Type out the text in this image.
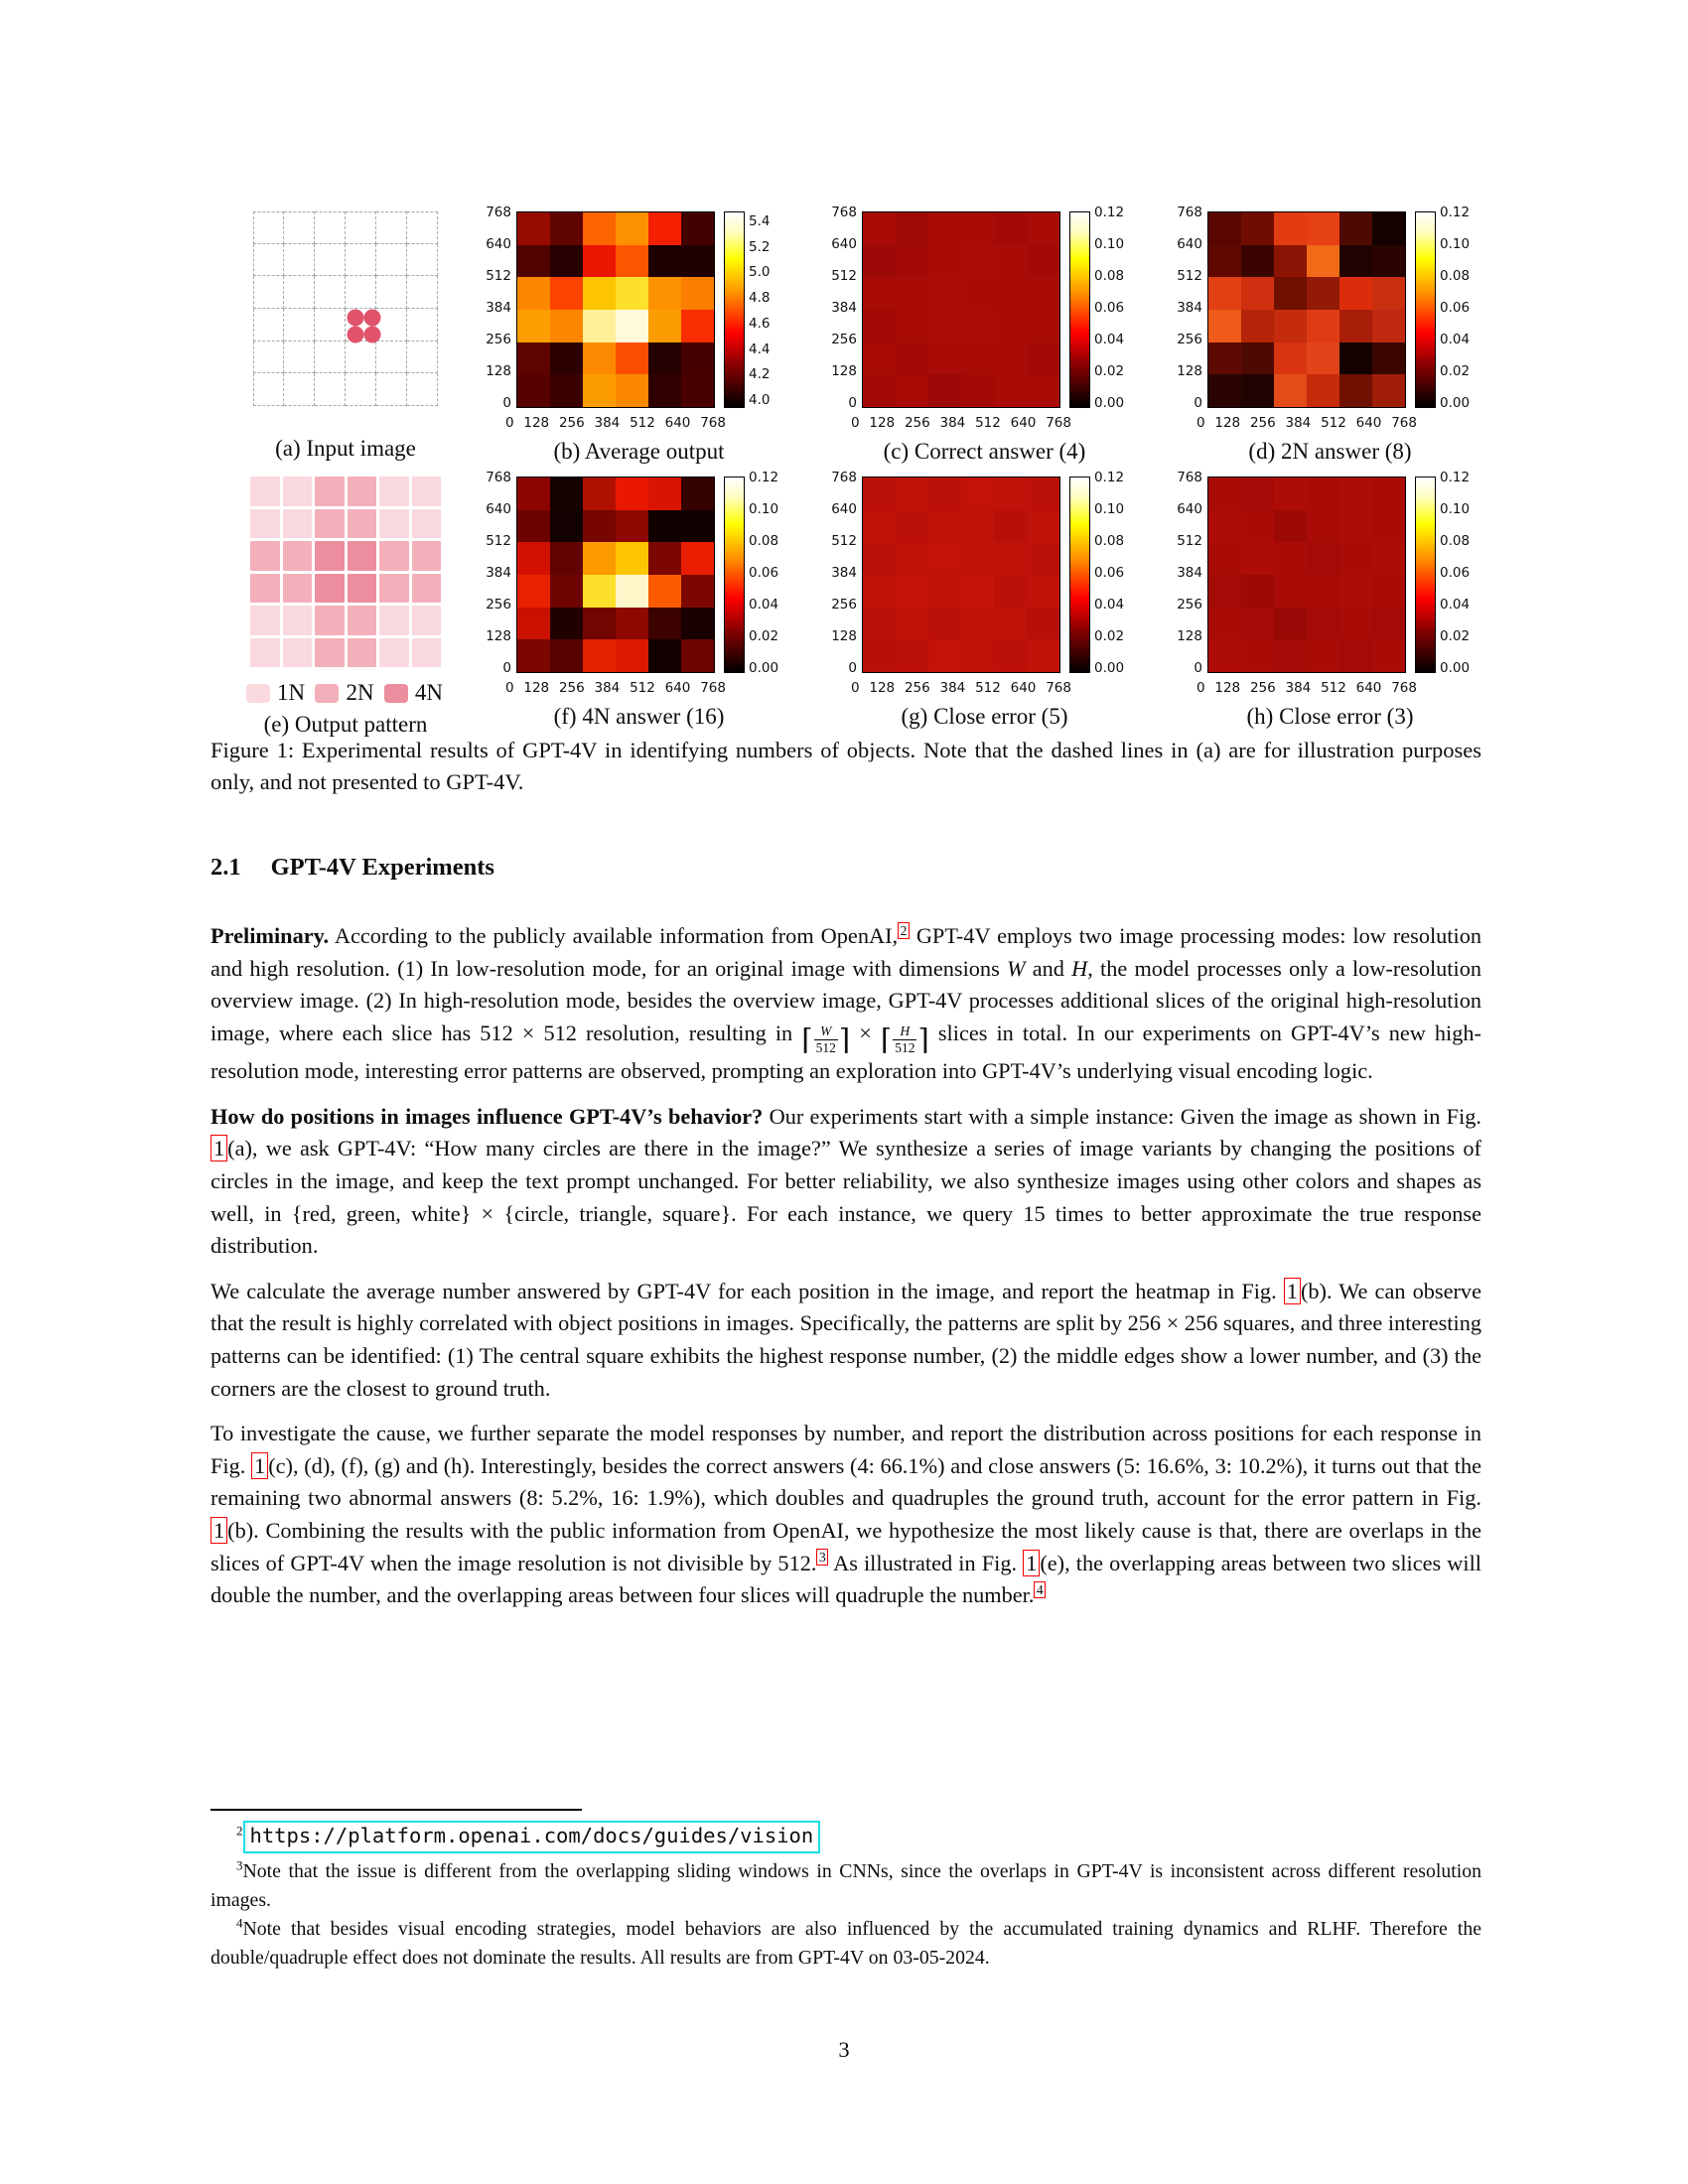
(a) Input image
768
640
512
384
256
128
0
5.4
5.2
5.0
4.8
4.6
4.4
4.2
4.0
0 128 256 384 512 640 768
(b) Average output
768
640
512
384
256
128
0
0.12
0.10
0.08
0.06
0.04
0.02
0.00
0 128 256 384 512 640 768
(c) Correct answer (4)
768
640
512
384
256
128
0
0.12
0.10
0.08
0.06
0.04
0.02
0.00
0 128 256 384 512 640 768
(d) 2N answer (8)
1N 2N 4N
(e) Output pattern
768
640
512
384
256
128
0
0.12
0.10
0.08
0.06
0.04
0.02
0.00
0 128 256 384 512 640 768
(f) 4N answer (16)
768
640
512
384
256
128
0
0.12
0.10
0.08
0.06
0.04
0.02
0.00
0 128 256 384 512 640 768
(g) Close error (5)
768
640
512
384
256
128
0
0.12
0.10
0.08
0.06
0.04
0.02
0.00
0 128 256 384 512 640 768
(h) Close error (3)
Figure 1: Experimental results of GPT-4V in identifying numbers of objects. Note that the dashed lines in (a) are for illustration purposes only, and not presented to GPT-4V.
2.1 GPT-4V Experiments

Preliminary. According to the publicly available information from OpenAI, $^2$ GPT-4V employs two image processing modes: low resolution and high resolution. (1) In low-resolution mode, for an original image with dimensions W and H, the model processes only a low-resolution overview image. (2) In high-resolution mode, besides the overview image, GPT-4V processes additional slices of the original high-resolution image, where each slice has 512 × 512 resolution, resulting in ⌈ W
512 ⌉ × ⌈ H
512 ⌉ slices in total. In our experiments on GPT-4V’s new high-resolution mode, interesting error patterns are observed, prompting an exploration into GPT-4V’s underlying visual encoding logic.

How do positions in images influence GPT-4V’s behavior? Our experiments start with a simple instance: Given the image as shown in Fig. 1 (a), we ask GPT-4V: “How many circles are there in the image?” We synthesize a series of image variants by changing the positions of circles in the image, and keep the text prompt unchanged. For better reliability, we also synthesize images using other colors and shapes as well, in {red, green, white} × {circle, triangle, square}. For each instance, we query 15 times to better approximate the true response distribution.

We calculate the average number answered by GPT-4V for each position in the image, and report the heatmap in Fig. 1 (b). We can observe that the result is highly correlated with object positions in images. Specifically, the patterns are split by 256 × 256 squares, and three interesting patterns can be identified: (1) The central square exhibits the highest response number, (2) the middle edges show a lower number, and (3) the corners are the closest to ground truth.

To investigate the cause, we further separate the model responses by number, and report the distribution across positions for each response in Fig. 1 (c), (d), (f), (g) and (h). Interestingly, besides the correct answers (4: 66.1%) and close answers (5: 16.6%, 3: 10.2%), it turns out that the remaining two abnormal answers (8: 5.2%, 16: 1.9%), which doubles and quadruples the ground truth, account for the error pattern in Fig. 1 (b). Combining the results with the public information from OpenAI, we hypothesize the most likely cause is that, there are overlaps in the slices of GPT-4V when the image resolution is not divisible by 512. $^3$ As illustrated in Fig. 1 (e), the overlapping areas between two slices will double the number, and the overlapping areas between four slices will quadruple the number. $^4$

$^2$ https://platform.openai.com/docs/guides/vision

$^3$Note that the issue is different from the overlapping sliding windows in CNNs, since the overlaps in GPT-4V is inconsistent across different resolution images.

$^4$Note that besides visual encoding strategies, model behaviors are also influenced by the accumulated training dynamics and RLHF. Therefore the double/quadruple effect does not dominate the results. All results are from GPT-4V on 03-05-2024.

3
